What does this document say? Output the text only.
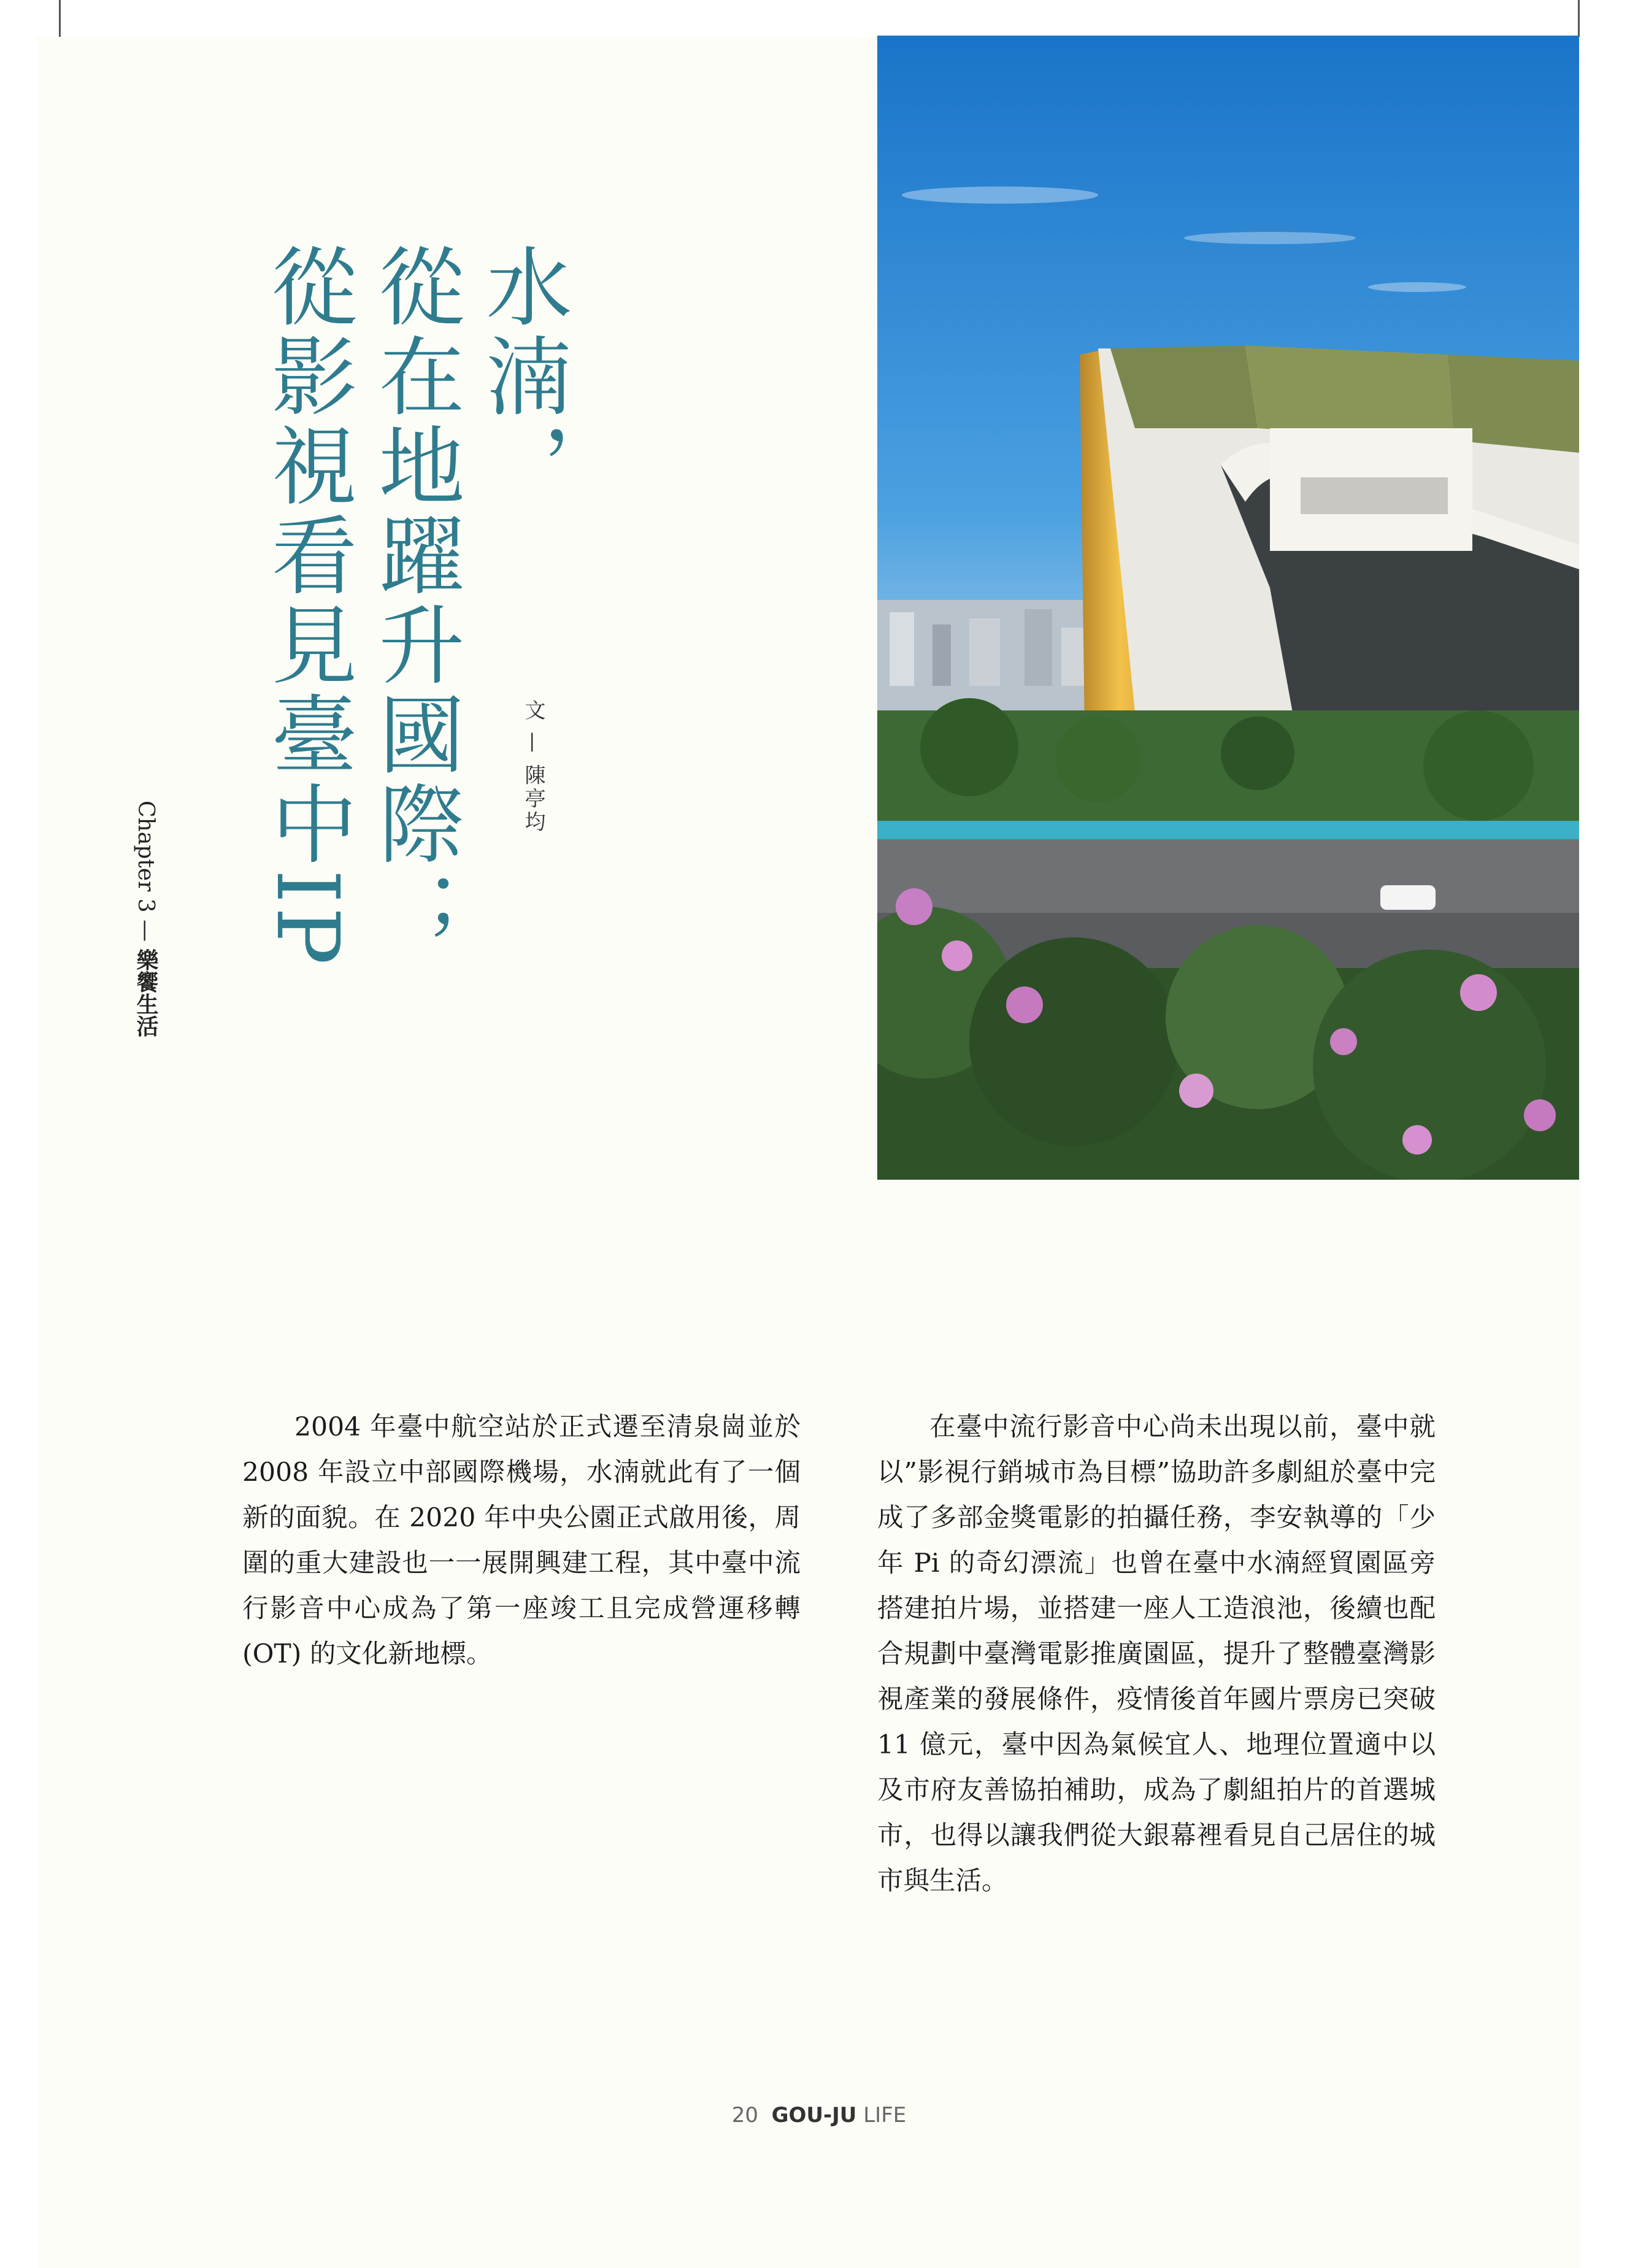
水湳，
從在地躍升國際；
從影視看見臺中IP	文 — 陳亭均
Chapter 3 — 樂饗生活
2004 年臺中航空站於正式遷至清泉崗並於 2008 年設立中部國際機場，水湳就此有了一個新的面貌。在 2020 年中央公園正式啟用後，周圍的重大建設也一一展開興建工程，其中臺中流行影音中心成為了第一座竣工且完成營運移轉 (OT) 的文化新地標。
在臺中流行影音中心尚未出現以前，臺中就以”影視行銷城市為目標”協助許多劇組於臺中完成了多部金獎電影的拍攝任務，李安執導的「少年 Pi 的奇幻漂流」也曾在臺中水湳經貿園區旁搭建拍片場，並搭建一座人工造浪池，後續也配合規劃中臺灣電影推廣園區，提升了整體臺灣影視產業的發展條件，疫情後首年國片票房已突破 11 億元，臺中因為氣候宜人、地理位置適中以及市府友善協拍補助，成為了劇組拍片的首選城市，也得以讓我們從大銀幕裡看見自己居住的城市與生活。
20 GOU-JU LIFE
